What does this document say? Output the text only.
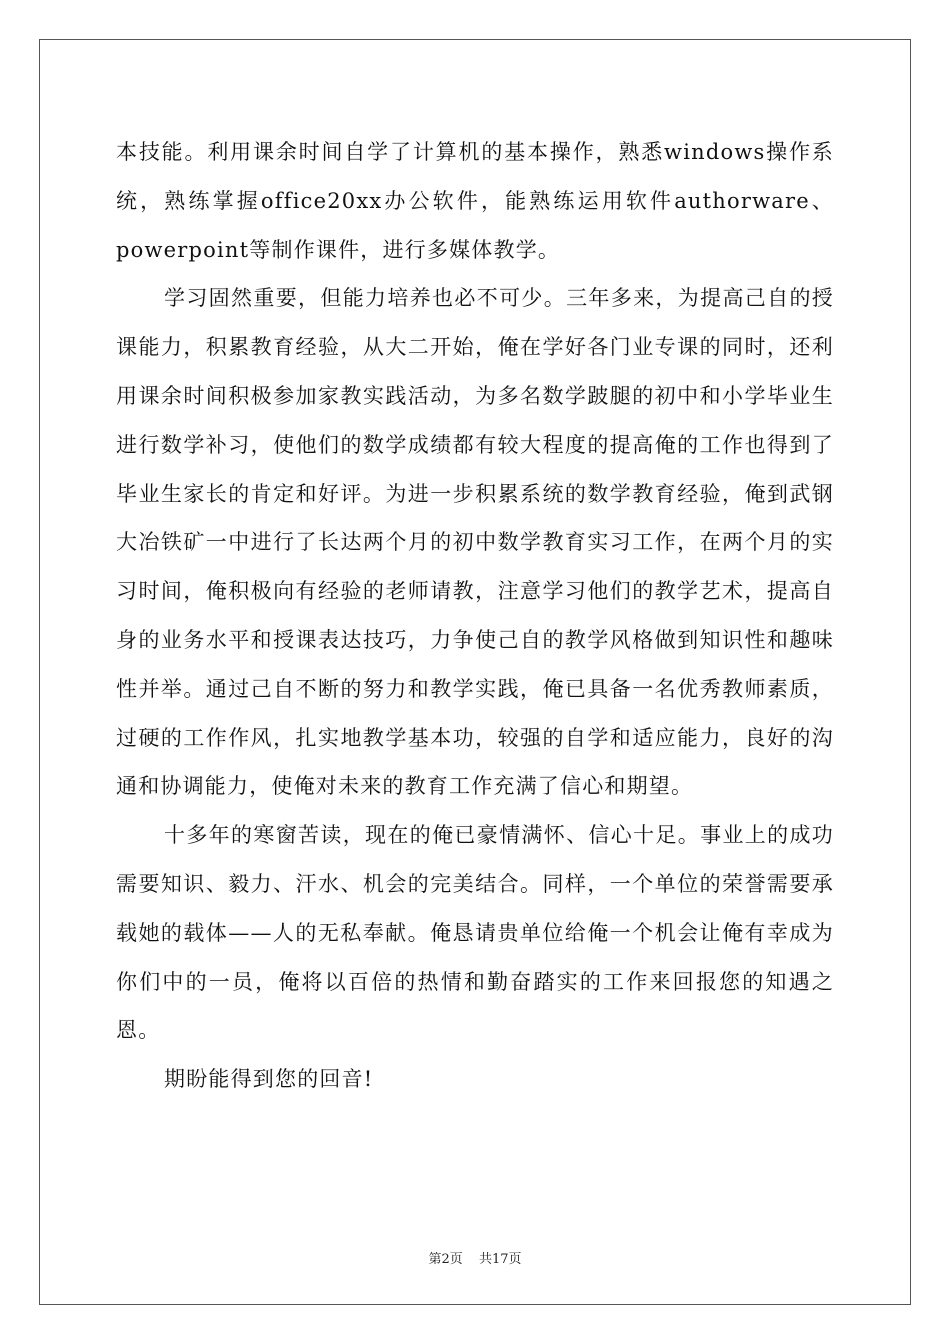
本技能。利用课余时间自学了计算机的基本操作，熟悉windows操作系统，熟练掌握office20xx办公软件，能熟练运用软件authorware、powerpoint等制作课件，进行多媒体教学。

学习固然重要，但能力培养也必不可少。三年多来，为提高己自的授课能力，积累教育经验，从大二开始，俺在学好各门业专课的同时，还利用课余时间积极参加家教实践活动，为多名数学跛腿的初中和小学毕业生进行数学补习，使他们的数学成绩都有较大程度的提高俺的工作也得到了毕业生家长的肯定和好评。为进一步积累系统的数学教育经验，俺到武钢大冶铁矿一中进行了长达两个月的初中数学教育实习工作，在两个月的实习时间，俺积极向有经验的老师请教，注意学习他们的教学艺术，提高自身的业务水平和授课表达技巧，力争使己自的教学风格做到知识性和趣味性并举。通过己自不断的努力和教学实践，俺已具备一名优秀教师素质，过硬的工作作风，扎实地教学基本功，较强的自学和适应能力，良好的沟通和协调能力，使俺对未来的教育工作充满了信心和期望。

十多年的寒窗苦读，现在的俺已豪情满怀、信心十足。事业上的成功需要知识、毅力、汗水、机会的完美结合。同样，一个单位的荣誉需要承载她的载体——人的无私奉献。俺恳请贵单位给俺一个机会让俺有幸成为你们中的一员，俺将以百倍的热情和勤奋踏实的工作来回报您的知遇之恩。

期盼能得到您的回音!

第2页 共17页
